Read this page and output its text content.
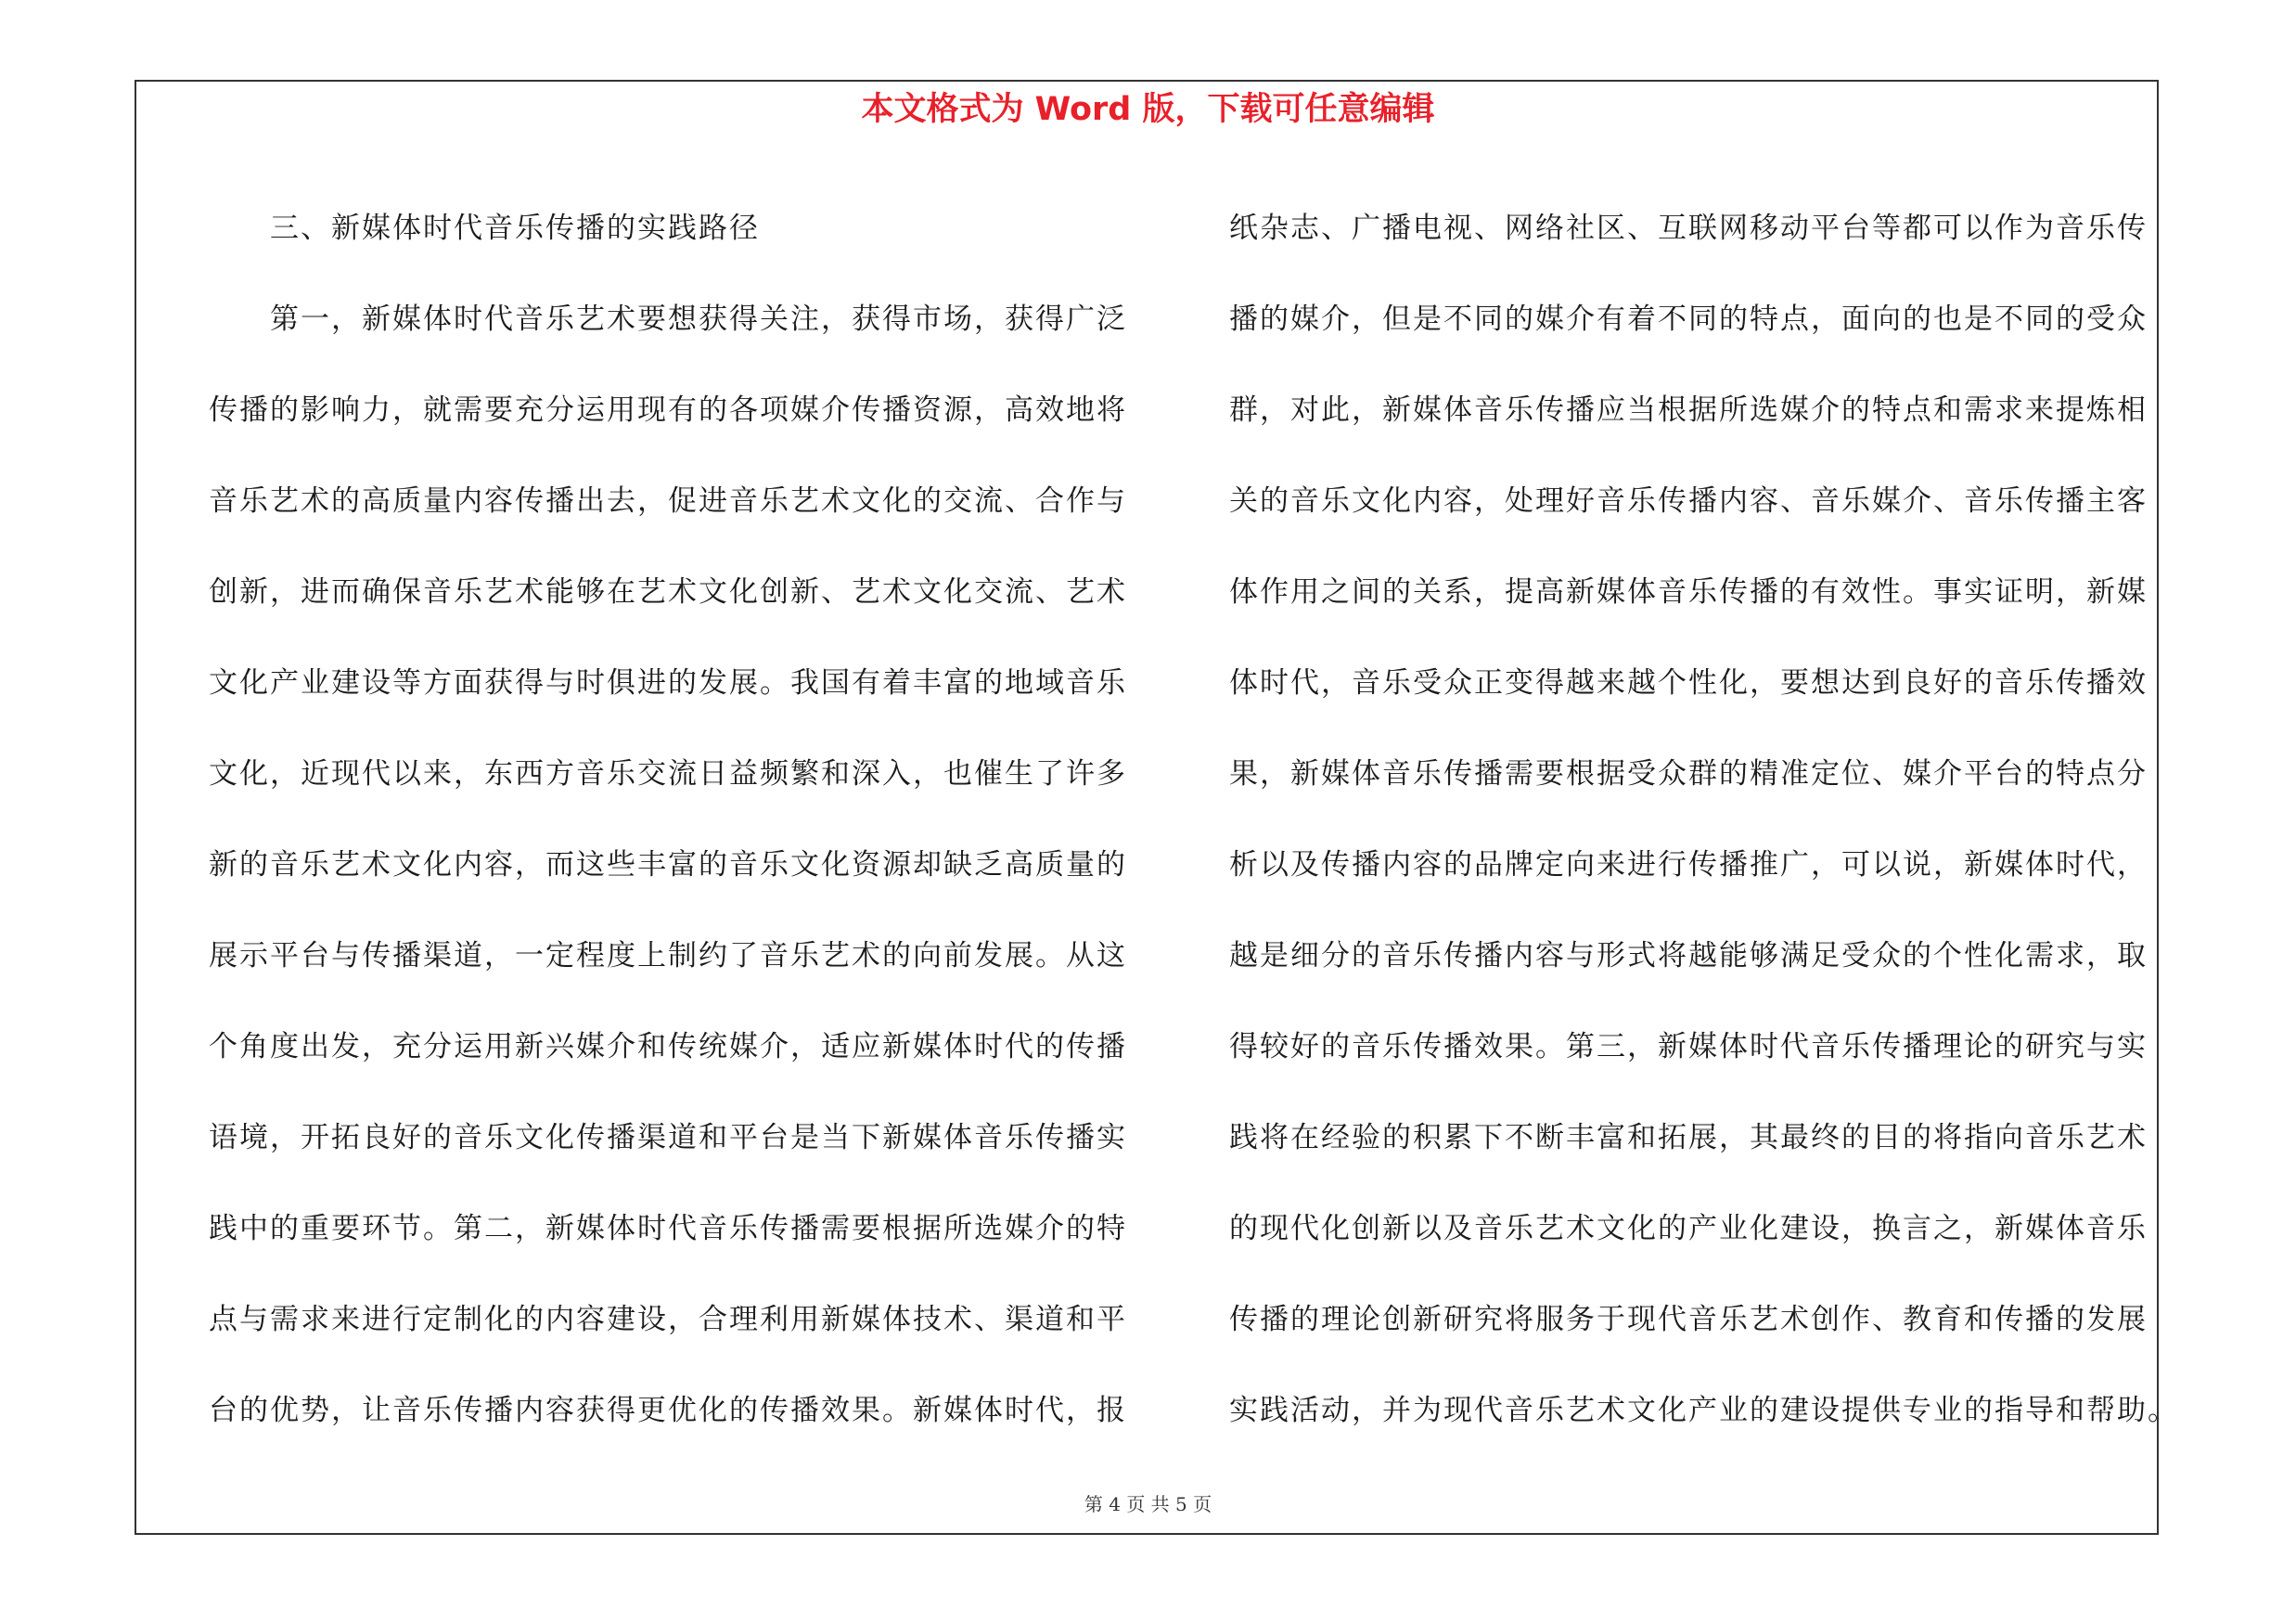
本文格式为 Word 版，下载可任意编辑
　　三、新媒体时代音乐传播的实践路径
　　第一，新媒体时代音乐艺术要想获得关注，获得市场，获得广泛
传播的影响力，就需要充分运用现有的各项媒介传播资源，高效地将
音乐艺术的高质量内容传播出去，促进音乐艺术文化的交流、合作与
创新，进而确保音乐艺术能够在艺术文化创新、艺术文化交流、艺术
文化产业建设等方面获得与时俱进的发展。我国有着丰富的地域音乐
文化，近现代以来，东西方音乐交流日益频繁和深入，也催生了许多
新的音乐艺术文化内容，而这些丰富的音乐文化资源却缺乏高质量的
展示平台与传播渠道，一定程度上制约了音乐艺术的向前发展。从这
个角度出发，充分运用新兴媒介和传统媒介，适应新媒体时代的传播
语境，开拓良好的音乐文化传播渠道和平台是当下新媒体音乐传播实
践中的重要环节。第二，新媒体时代音乐传播需要根据所选媒介的特
点与需求来进行定制化的内容建设，合理利用新媒体技术、渠道和平
台的优势，让音乐传播内容获得更优化的传播效果。新媒体时代，报
纸杂志、广播电视、网络社区、互联网移动平台等都可以作为音乐传
播的媒介，但是不同的媒介有着不同的特点，面向的也是不同的受众
群，对此，新媒体音乐传播应当根据所选媒介的特点和需求来提炼相
关的音乐文化内容，处理好音乐传播内容、音乐媒介、音乐传播主客
体作用之间的关系，提高新媒体音乐传播的有效性。事实证明，新媒
体时代，音乐受众正变得越来越个性化，要想达到良好的音乐传播效
果，新媒体音乐传播需要根据受众群的精准定位、媒介平台的特点分
析以及传播内容的品牌定向来进行传播推广，可以说，新媒体时代，
越是细分的音乐传播内容与形式将越能够满足受众的个性化需求，取
得较好的音乐传播效果。第三，新媒体时代音乐传播理论的研究与实
践将在经验的积累下不断丰富和拓展，其最终的目的将指向音乐艺术
的现代化创新以及音乐艺术文化的产业化建设，换言之，新媒体音乐
传播的理论创新研究将服务于现代音乐艺术创作、教育和传播的发展
实践活动，并为现代音乐艺术文化产业的建设提供专业的指导和帮助。
第 4 页 共 5 页
